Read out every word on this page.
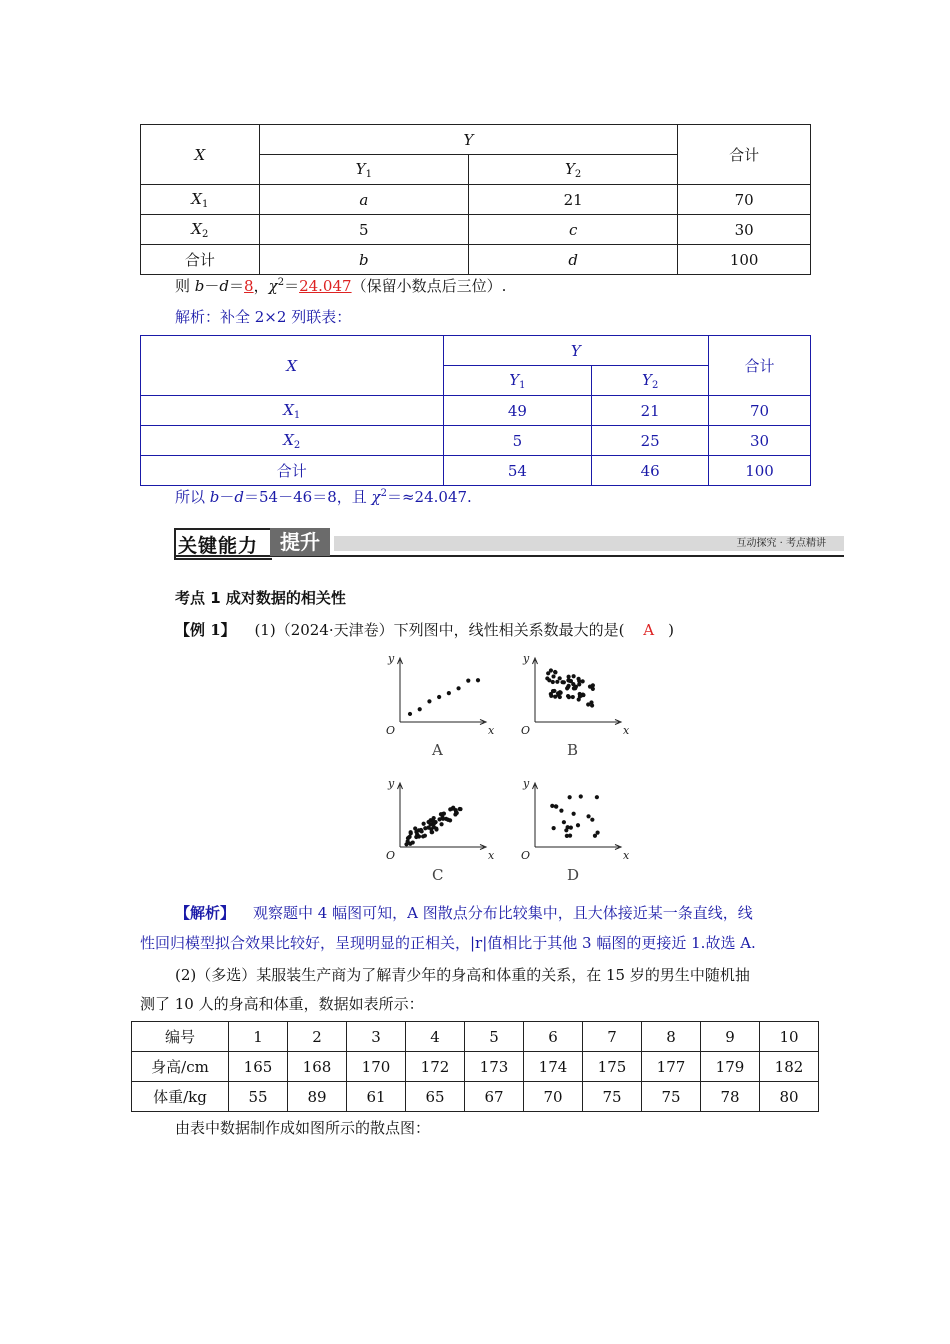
X	Y		合计
	$Y_1$	$Y_2$
$X_1$	a	21	70
$X_2$	5	c	30
合计	b	d	100
则 b－d＝8，$\chi^2=24.047$（保留小数点后三位）.
解析：补全 2×2 列联表：
X	Y		合计
	$Y_1$	$Y_2$
$X_1$	49	21	70
$X_2$	5	25	30
合计	54	46	100
所以 b－d＝54－46＝8，且 $\chi^2=\approx 24.047$.
关键能力	提升	互动探究 · 考点精讲
考点 1 成对数据的相关性
【例 1】 (1)（2024·天津卷）下列图中，线性相关系数最大的是( A )
y
x
O
A
y
x
O
B
y
x
O
C
y
x
O
D
【解析】 观察题中 4 幅图可知，A 图散点分布比较集中，且大体接近某一条直线，线
性回归模型拟合效果比较好，呈现明显的正相关，|r|值相比于其他 3 幅图的更接近 1.故选 A.
(2)（多选）某服装生产商为了解青少年的身高和体重的关系，在 15 岁的男生中随机抽
测了 10 人的身高和体重，数据如表所示：
编号	1	2	3	4	5	6	7	8	9	10
身高/cm	165	168	170	172	173	174	175	177	179	182
体重/kg	55	89	61	65	67	70	75	75	78	80
由表中数据制作成如图所示的散点图：
